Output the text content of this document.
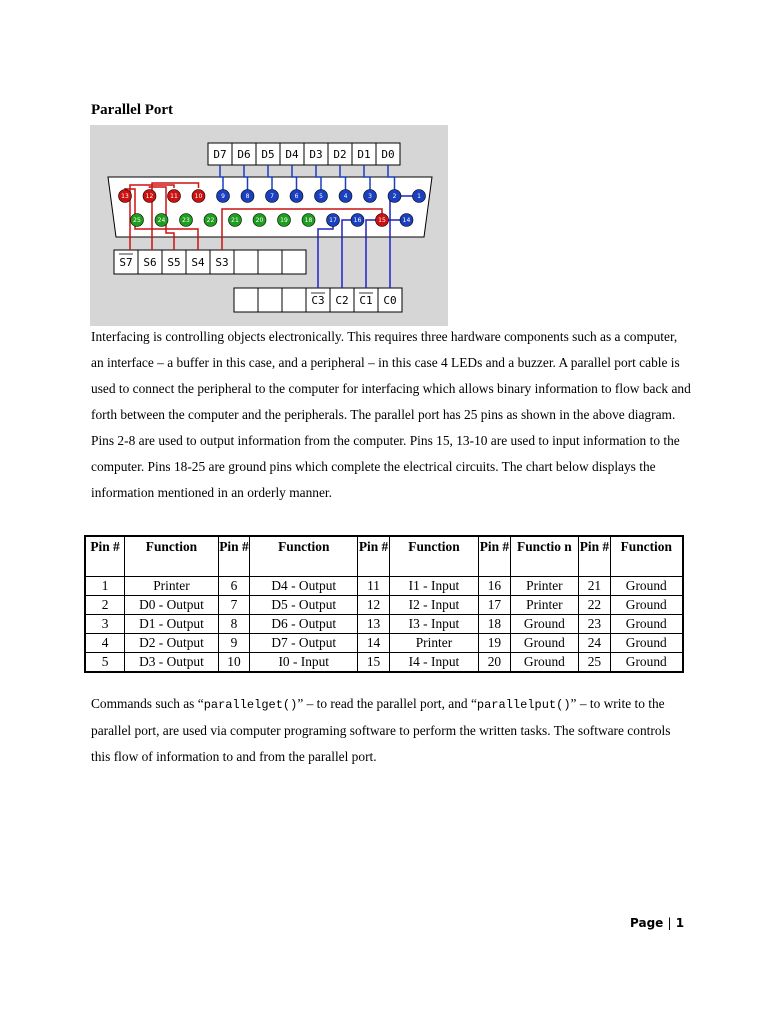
Parallel Port
D7 D6 D5 D4 D3 D2 D1 D0
S7 S6 S5 S4 S3
C3 C2 C1 C0
13	12	11	10	9	8	7	6	5	4	3	2	1
25	24	23	22	21	20	19	18	17	16	15	14
Interfacing is controlling objects electronically. This requires three hardware components such as a computer, an interface – a buffer in this case, and a peripheral – in this case 4 LEDs and a buzzer. A parallel port cable is used to connect the peripheral to the computer for interfacing which allows binary information to flow back and forth between the computer and the peripherals. The parallel port has 25 pins as shown in the above diagram. Pins 2-8 are used to output information from the computer. Pins 15, 13-10 are used to input information to the computer. Pins 18-25 are ground pins which complete the electrical circuits. The chart below displays the information mentioned in an orderly manner.
Pin #	Function	Pin #	Function	Pin #	Function	Pin #	Functio n	Pin #	Function
1	Printer	6	D4 - Output	11	I1 - Input	16	Printer	21	Ground
2	D0 - Output	7	D5 - Output	12	I2 - Input	17	Printer	22	Ground
3	D1 - Output	8	D6 - Output	13	I3 - Input	18	Ground	23	Ground
4	D2 - Output	9	D7 - Output	14	Printer	19	Ground	24	Ground
5	D3 - Output	10	I0 - Input	15	I4 - Input	20	Ground	25	Ground
Commands such as “parallelget()” – to read the parallel port, and “parallelput()” – to write to the parallel port, are used via computer programing software to perform the written tasks. The software controls this flow of information to and from the parallel port.
Page | 1
